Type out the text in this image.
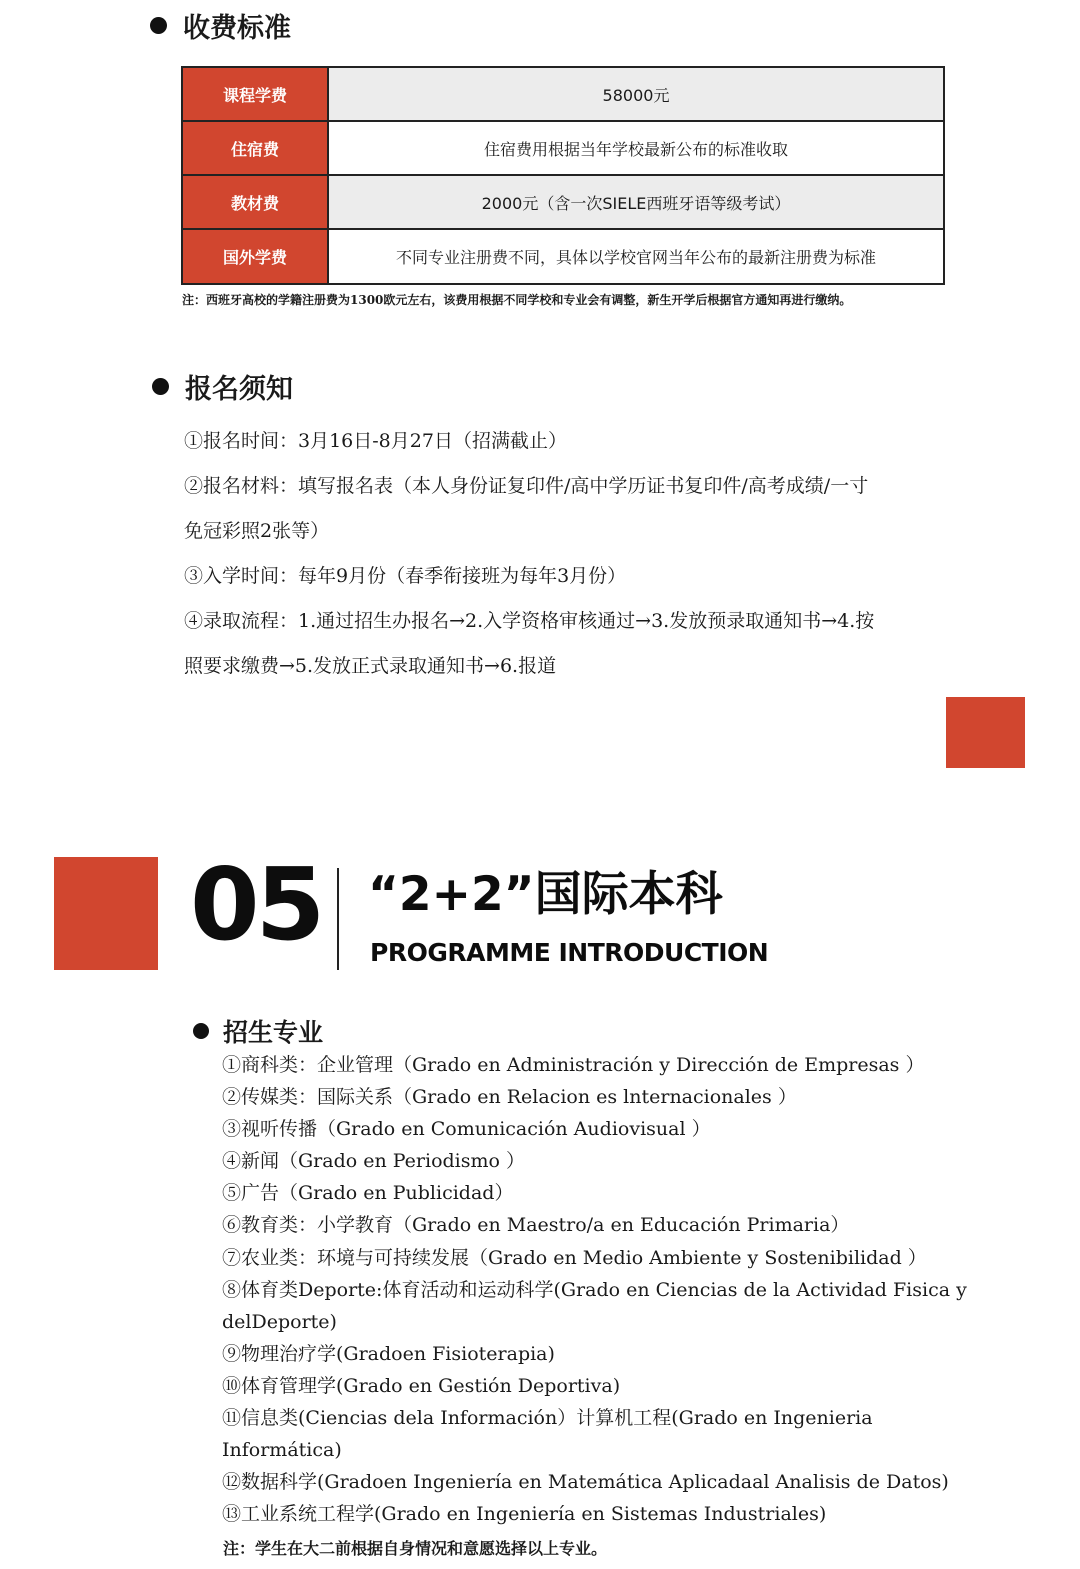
收费标准
课程学费	58000元
住宿费	住宿费用根据当年学校最新公布的标准收取
教材费	2000元（含一次SIELE西班牙语等级考试）
国外学费	不同专业注册费不同，具体以学校官网当年公布的最新注册费为标准
注：西班牙高校的学籍注册费为1300欧元左右，该费用根据不同学校和专业会有调整，新生开学后根据官方通知再进行缴纳。
报名须知
①报名时间：3月16日-8月27日（招满截止）
②报名材料：填写报名表（本人身份证复印件/高中学历证书复印件/高考成绩/一寸
免冠彩照2张等）
③入学时间：每年9月份（春季衔接班为每年3月份）
④录取流程：1.通过招生办报名→2.入学资格审核通过→3.发放预录取通知书→4.按
照要求缴费→5.发放正式录取通知书→6.报道
05 “2+2”国际本科
PROGRAMME INTRODUCTION
招生专业
①商科类：企业管理（Grado en Administración y Dirección de Empresas ）
②传媒类：国际关系（Grado en Relacion es lnternacionales ）
③视听传播（Grado en Comunicación Audiovisual ）
④新闻（Grado en Periodismo ）
⑤广告（Grado en Publicidad）
⑥教育类：小学教育（Grado en Maestro/a en Educación Primaria）
⑦农业类：环境与可持续发展（Grado en Medio Ambiente y Sostenibilidad ）
⑧体育类Deporte:体育活动和运动科学(Grado en Ciencias de la Actividad Fisica y delDeporte)
⑨物理治疗学(Gradoen Fisioterapia)
⑩体育管理学(Grado en Gestión Deportiva)
⑪信息类(Ciencias dela Información）计算机工程(Grado en Ingenieria Informática)
⑫数据科学(Gradoen Ingeniería en Matemática Aplicadaal Analisis de Datos)
⑬工业系统工程学(Grado en Ingeniería en Sistemas Industriales)
注：学生在大二前根据自身情况和意愿选择以上专业。
